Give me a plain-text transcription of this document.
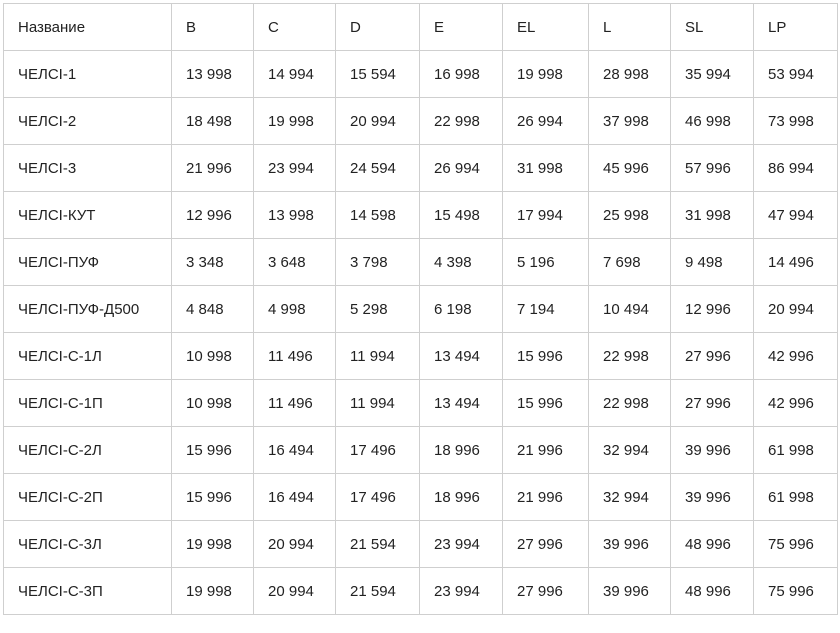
Название	B	C	D	E	EL	L	SL	LP
ЧЕЛСІ-1	13 998	14 994	15 594	16 998	19 998	28 998	35 994	53 994
ЧЕЛСІ-2	18 498	19 998	20 994	22 998	26 994	37 998	46 998	73 998
ЧЕЛСІ-3	21 996	23 994	24 594	26 994	31 998	45 996	57 996	86 994
ЧЕЛСІ-КУТ	12 996	13 998	14 598	15 498	17 994	25 998	31 998	47 994
ЧЕЛСІ-ПУФ	3 348	3 648	3 798	4 398	5 196	7 698	9 498	14 496
ЧЕЛСІ-ПУФ-Д500	4 848	4 998	5 298	6 198	7 194	10 494	12 996	20 994
ЧЕЛСІ-С-1Л	10 998	11 496	11 994	13 494	15 996	22 998	27 996	42 996
ЧЕЛСІ-С-1П	10 998	11 496	11 994	13 494	15 996	22 998	27 996	42 996
ЧЕЛСІ-С-2Л	15 996	16 494	17 496	18 996	21 996	32 994	39 996	61 998
ЧЕЛСІ-С-2П	15 996	16 494	17 496	18 996	21 996	32 994	39 996	61 998
ЧЕЛСІ-С-3Л	19 998	20 994	21 594	23 994	27 996	39 996	48 996	75 996
ЧЕЛСІ-С-3П	19 998	20 994	21 594	23 994	27 996	39 996	48 996	75 996
